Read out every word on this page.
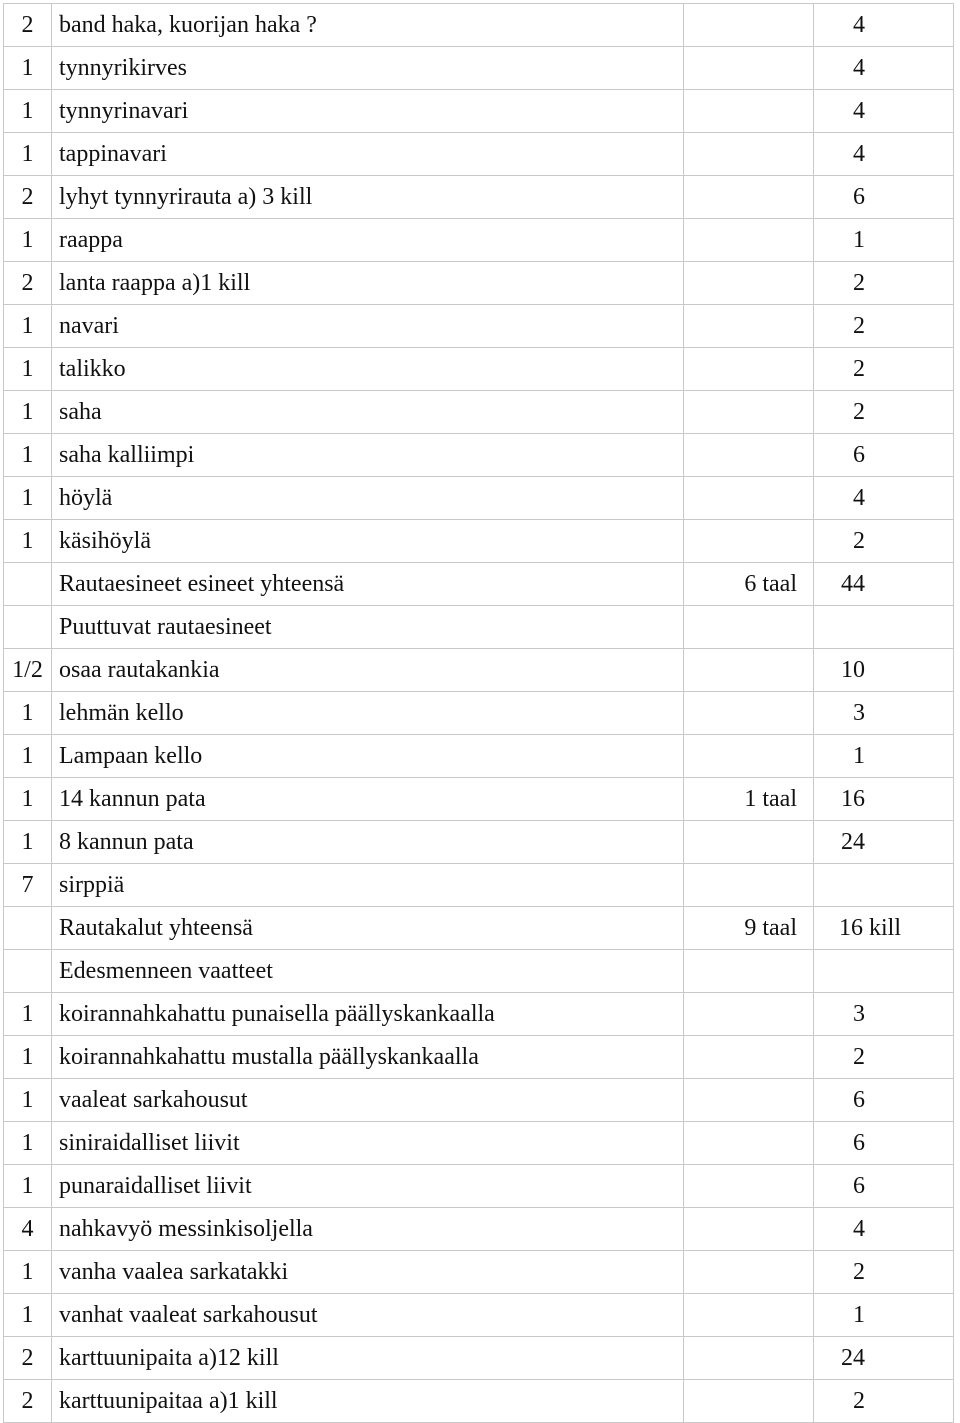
2	band haka, kuorijan haka ?		4
1	tynnyrikirves		4
1	tynnyrinavari		4
1	tappinavari		4
2	lyhyt tynnyrirauta a) 3 kill		6
1	raappa		1
2	lanta raappa a)1 kill		2
1	navari		2
1	talikko		2
1	saha		2
1	saha kalliimpi		6
1	höylä		4
1	käsihöylä		2
	Rautaesineet esineet yhteensä	6 taal	44
	Puuttuvat rautaesineet		
1/2	osaa rautakankia		10
1	lehmän kello		3
1	Lampaan kello		1
1	14 kannun pata	1 taal	16
1	8 kannun pata		24
7	sirppiä		
	Rautakalut yhteensä	9 taal	16 kill
	Edesmenneen vaatteet		
1	koirannahkahattu punaisella päällyskankaalla		3
1	koirannahkahattu mustalla päällyskankaalla		2
1	vaaleat sarkahousut		6
1	siniraidalliset liivit		6
1	punaraidalliset liivit		6
4	nahkavyö messinkisoljella		4
1	vanha vaalea sarkatakki		2
1	vanhat vaaleat sarkahousut		1
2	karttuunipaita a)12 kill		24
2	karttuunipaitaa a)1 kill		2
